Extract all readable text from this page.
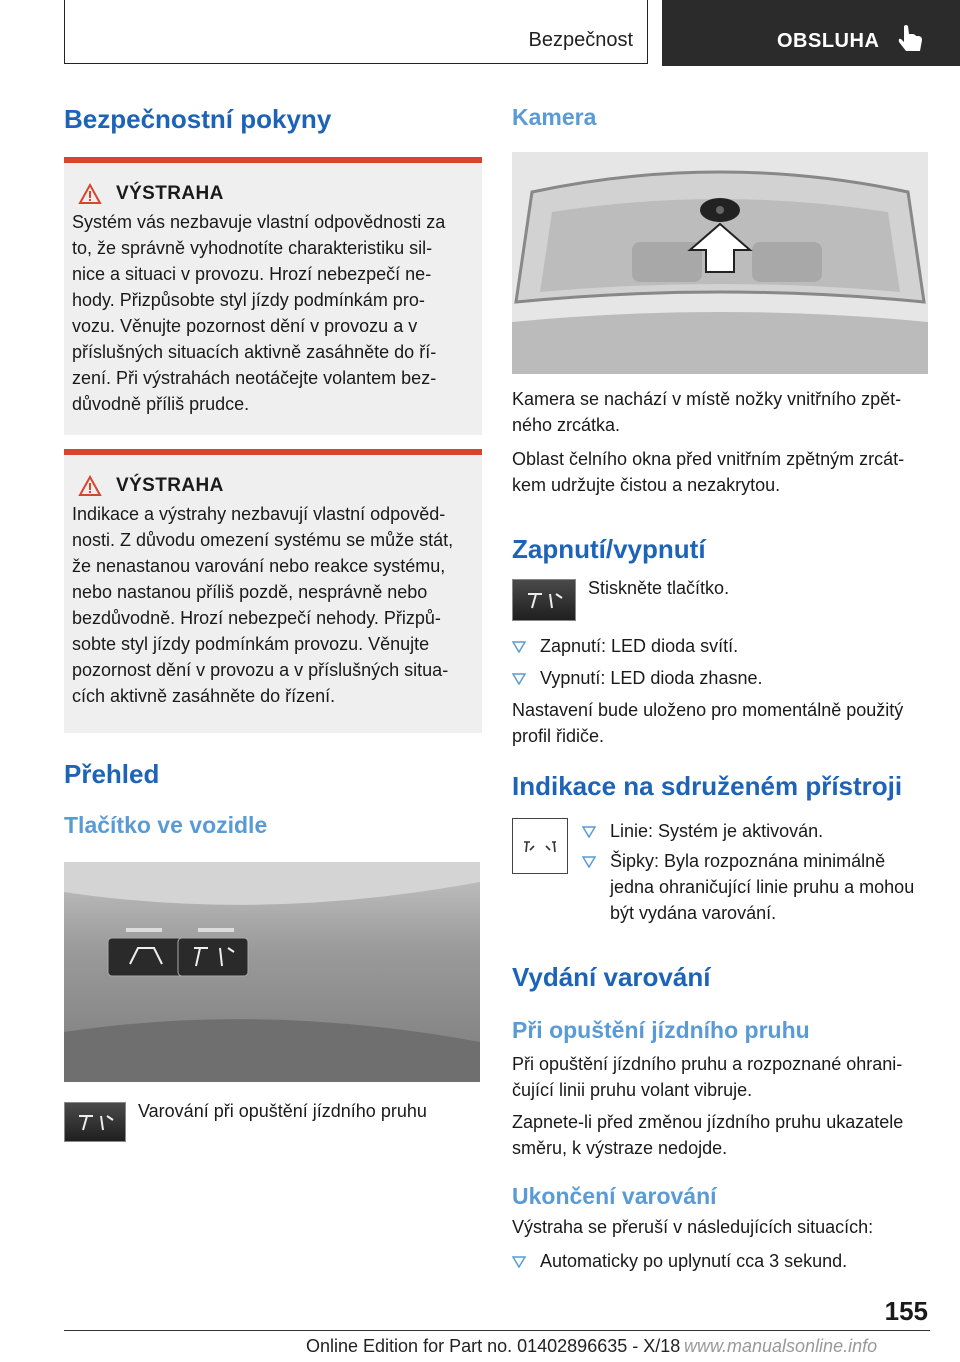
Bezpečnost	OBSLUHA
Bezpečnostní pokyny
VÝSTRAHA

Systém vás nezbavuje vlastní odpovědnosti za

to, že správně vyhodnotíte charakteristiku sil-

nice a situaci v provozu. Hrozí nebezpečí ne-

hody. Přizpůsobte styl jízdy podmínkám pro-

vozu. Věnujte pozornost dění v provozu a v

příslušných situacích aktivně zasáhněte do ří-

zení. Při výstrahách neotáčejte volantem bez-

důvodně příliš prudce.

VÝSTRAHA

Indikace a výstrahy nezbavují vlastní odpověd-

nosti. Z důvodu omezení systému se může stát,

že nenastanou varování nebo reakce systému,

nebo nastanou příliš pozdě, nesprávně nebo

bezdůvodně. Hrozí nebezpečí nehody. Přizpů-

sobte styl jízdy podmínkám provozu. Věnujte

pozornost dění v provozu a v příslušných situa-

cích aktivně zasáhněte do řízení.

Přehled
Tlačítko ve vozidle

Varování při opuštění jízdního pruhu

Kamera

Kamera se nachází v místě nožky vnitřního zpět-

ného zrcátka.

Oblast čelního okna před vnitřním zpětným zrcát-

kem udržujte čistou a nezakrytou.

Zapnutí/vypnutí

Stiskněte tlačítko.

Zapnutí: LED dioda svítí.

Vypnutí: LED dioda zhasne.

Nastavení bude uloženo pro momentálně použitý

profil řidiče.

Indikace na sdruženém přístroji

Linie: Systém je aktivován.

Šipky: Byla rozpoznána minimálně

jedna ohraničující linie pruhu a mohou

být vydána varování.

Vydání varování
Při opuštění jízdního pruhu

Při opuštění jízdního pruhu a rozpoznané ohrani-

čující linii pruhu volant vibruje.

Zapnete-li před změnou jízdního pruhu ukazatele

směru, k výstraze nedojde.

Ukončení varování

Výstraha se přeruší v následujících situacích:

Automaticky po uplynutí cca 3 sekund.

155
Online Edition for Part no. 01402896635 - X/18 www.manualsonline.info
